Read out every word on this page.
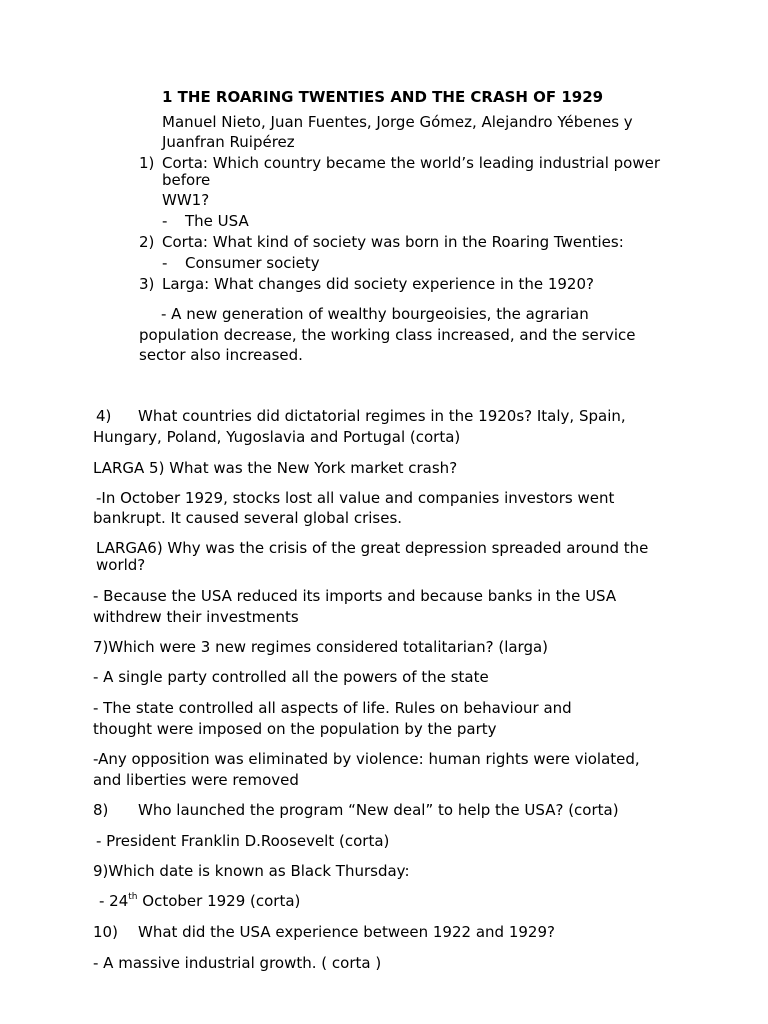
1 THE ROARING TWENTIES AND THE CRASH OF 1929
Manuel Nieto, Juan Fuentes, Jorge Gómez, Alejandro Yébenes y
Juanfran Ruipérez
1) Corta: Which country became the world’s leading industrial power
before
WW1?
- The USA
2) Corta: What kind of society was born in the Roaring Twenties:
- Consumer society
3) Larga: What changes did society experience in the 1920?
- A new generation of wealthy bourgeoisies, the agrarian
population decrease, the working class increased, and the service
sector also increased.
4) What countries did dictatorial regimes in the 1920s? Italy, Spain,
Hungary, Poland, Yugoslavia and Portugal (corta)
LARGA 5) What was the New York market crash?
-In October 1929, stocks lost all value and companies investors went
bankrupt. It caused several global crises.
LARGA6) Why was the crisis of the great depression spreaded around the
world?
- Because the USA reduced its imports and because banks in the USA
withdrew their investments
7)Which were 3 new regimes considered totalitarian? (larga)
- A single party controlled all the powers of the state
- The state controlled all aspects of life. Rules on behaviour and
thought were imposed on the population by the party
-Any opposition was eliminated by violence: human rights were violated,
and liberties were removed
8) Who launched the program “New deal” to help the USA? (corta)
- President Franklin D.Roosevelt (corta)
9)Which date is known as Black Thursday:
- 24th October 1929 (corta)
10) What did the USA experience between 1922 and 1929?
- A massive industrial growth. ( corta )
